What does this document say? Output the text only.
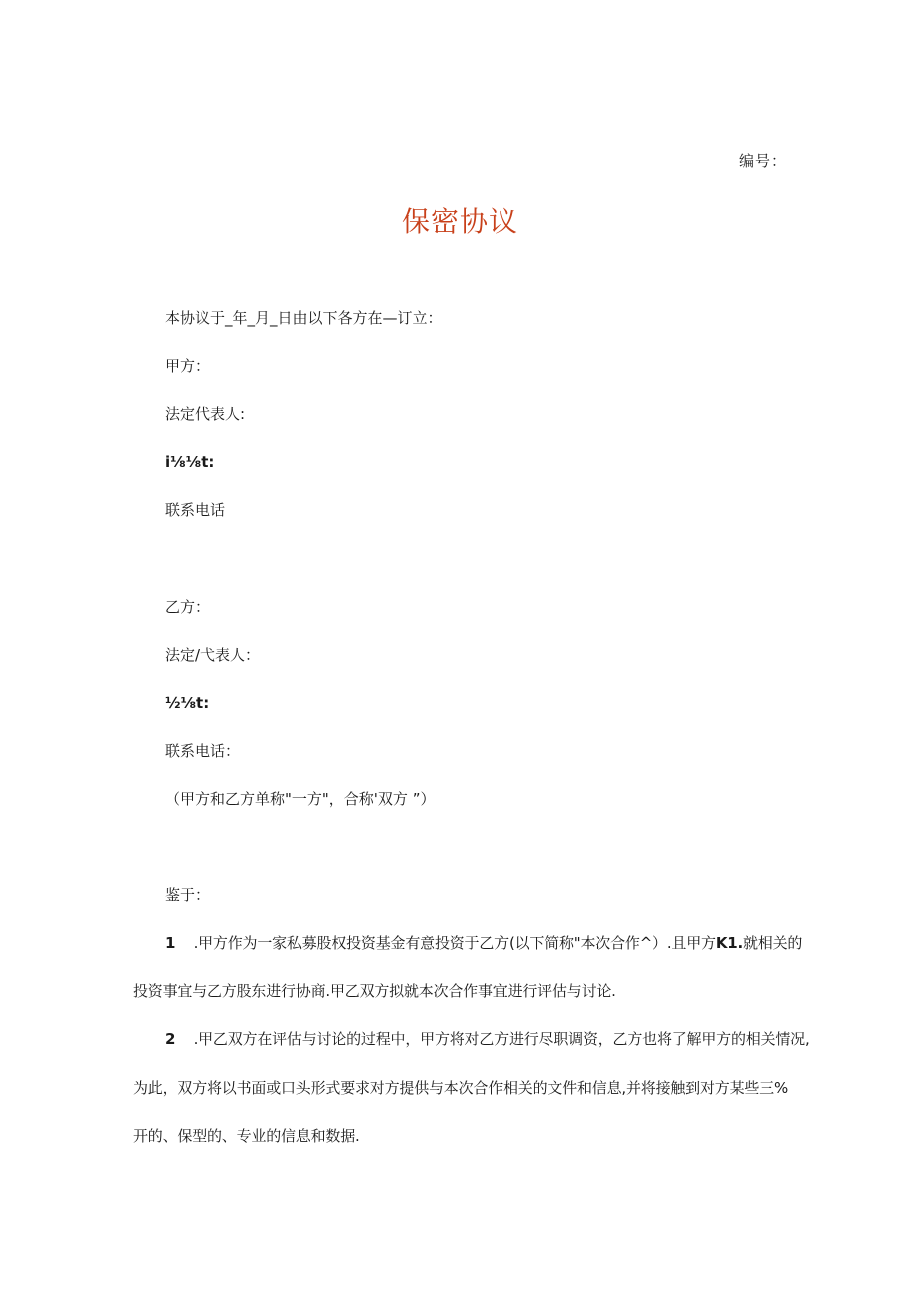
编号：
保密协议
本协议于_年_月_日由以下各方在—订立：
甲方：
法定代表人:
i⅛⅛t:
联系电话
乙方：
法定/弋表人：
½⅛t:
联系电话：
（甲方和乙方单称"一方"，合称'双方 ”）
鉴于：
1 .甲方作为一家私募股权投资基金有意投资于乙方(以下简称"本次合作^）.且甲方K1.就相关的
投资事宜与乙方股东进行协商.甲乙双方拟就本次合作事宜进行评估与讨论.
2 .甲乙双方在评估与讨论的过程中，甲方将对乙方进行尽职调资，乙方也将了解甲方的相关情况,
为此，双方将以书面或口头形式要求对方提供与本次合作相关的文件和信息,并将接触到对方某些三%
开的、保型的、专业的信息和数据.
